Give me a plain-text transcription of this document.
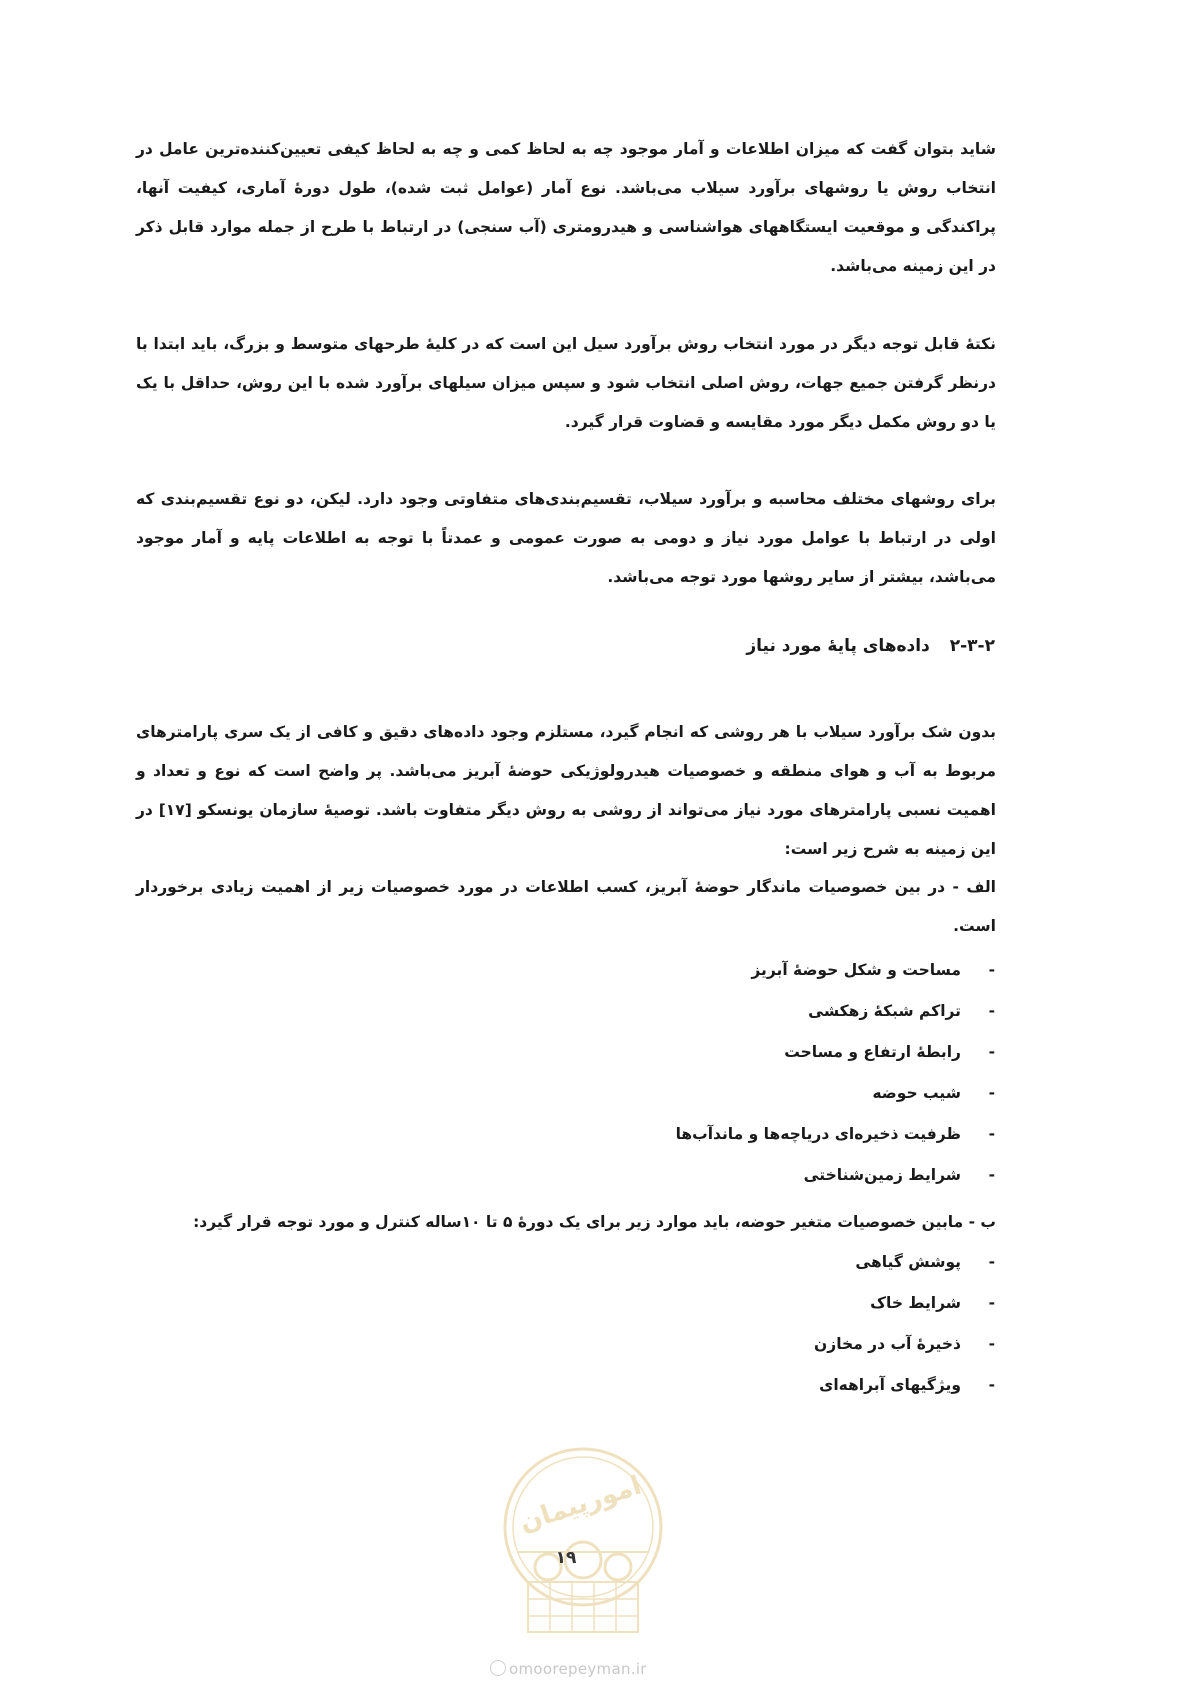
شاید بتوان گفت که میزان اطلاعات و آمار موجود چه به لحاظ کمی و چه به لحاظ کیفی تعیین‌کننده‌ترین عامل در انتخاب روش یا روشهای برآورد سیلاب می‌باشد. نوع آمار (عوامل ثبت شده)، طول دورۀ آماری، کیفیت آنها، پراکندگی و موقعیت ایستگاههای هواشناسی و هیدرومتری (آب سنجی) در ارتباط با طرح از جمله موارد قابل ذکر در این زمینه می‌باشد.
نکتۀ قابل توجه دیگر در مورد انتخاب روش برآورد سیل این است که در کلیۀ طرحهای متوسط و بزرگ، باید ابتدا با درنظر گرفتن جمیع جهات، روش اصلی انتخاب شود و سپس میزان سیلهای برآورد شده با این روش، حداقل با یک یا دو روش مکمل دیگر مورد مقایسه و قضاوت قرار گیرد.
برای روشهای مختلف محاسبه و برآورد سیلاب، تقسیم‌بندی‌های متفاوتی وجود دارد. لیکن، دو نوع تقسیم‌بندی که اولی در ارتباط با عوامل مورد نیاز و دومی به صورت عمومی و عمدتاً با توجه به اطلاعات پایه و آمار موجود می‌باشد، بیشتر از سایر روشها مورد توجه می‌باشد.
۲-۳-۲ داده‌های پایۀ مورد نیاز
بدون شک برآورد سیلاب با هر روشی که انجام گیرد، مستلزم وجود داده‌های دقیق و کافی از یک سری پارامترهای مربوط به آب و هوای منطقه و خصوصیات هیدرولوژیکی حوضۀ آبریز می‌باشد. پر واضح است که نوع و تعداد و اهمیت نسبی پارامترهای مورد نیاز می‌تواند از روشی به روش دیگر متفاوت باشد. توصیۀ سازمان یونسکو [۱۷] در این زمینه به شرح زیر است:
الف - در بین خصوصیات ماندگار حوضۀ آبریز، کسب اطلاعات در مورد خصوصیات زیر از اهمیت زیادی برخوردار است.
-مساحت و شکل حوضۀ آبریز
-تراکم شبکۀ زهکشی
-رابطۀ ارتفاع و مساحت
-شیب حوضه
-ظرفیت ذخیره‌ای دریاچه‌ها و ماندآب‌ها
-شرایط زمین‌شناختی
ب - مابین خصوصیات متغیر حوضه، باید موارد زیر برای یک دورۀ ۵ تا ۱۰ساله کنترل و مورد توجه قرار گیرد:
-پوشش گیاهی
-شرایط خاک
-ذخیرۀ آب در مخازن
-ویژگیهای آبراهه‌ای
امورپیمان
۱۹
omoorepeyman.ir
